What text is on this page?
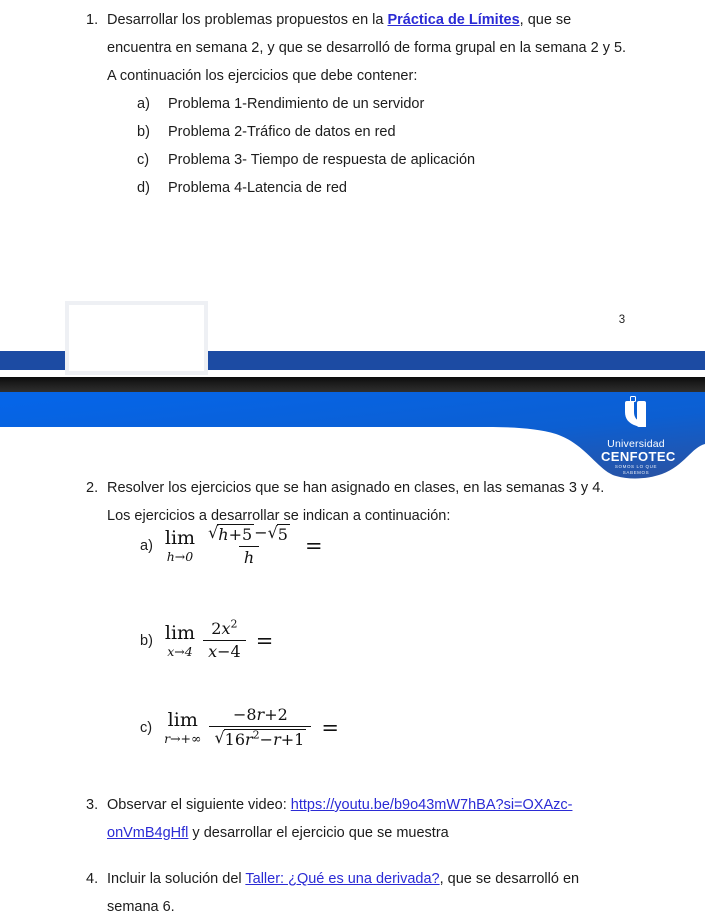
1. Desarrollar los problemas propuestos en la Práctica de Límites, que se
encuentra en semana 2, y que se desarrolló de forma grupal en la semana 2 y 5.
A continuación los ejercicios que debe contener:
a) Problema 1-Rendimiento de un servidor
b) Problema 2-Tráfico de datos en red
c) Problema 3- Tiempo de respuesta de aplicación
d) Problema 4-Latencia de red
3
Universidad
CENFOTEC
SOMOS LO QUE SABEMOS
2. Resolver los ejercicios que se han asignado en clases, en las semanas 3 y 4.
Los ejercicios a desarrollar se indican a continuación:
a) lim
$h\to 0 \frac{√ h+5 - √ 5}{h}$ =
b) lim
$x\to 4 \frac{2x^2}{x-4}$ =
c) lim
$r\to+\infty \frac{-8r+2}{√ 16r^2-r+1}$ =
3. Observar el siguiente video: https://youtu.be/b9o43mW7hBA?si=OXAzc-
onVmB4gHfl y desarrollar el ejercicio que se muestra
4. Incluir la solución del Taller: ¿Qué es una derivada?, que se desarrolló en
semana 6.
